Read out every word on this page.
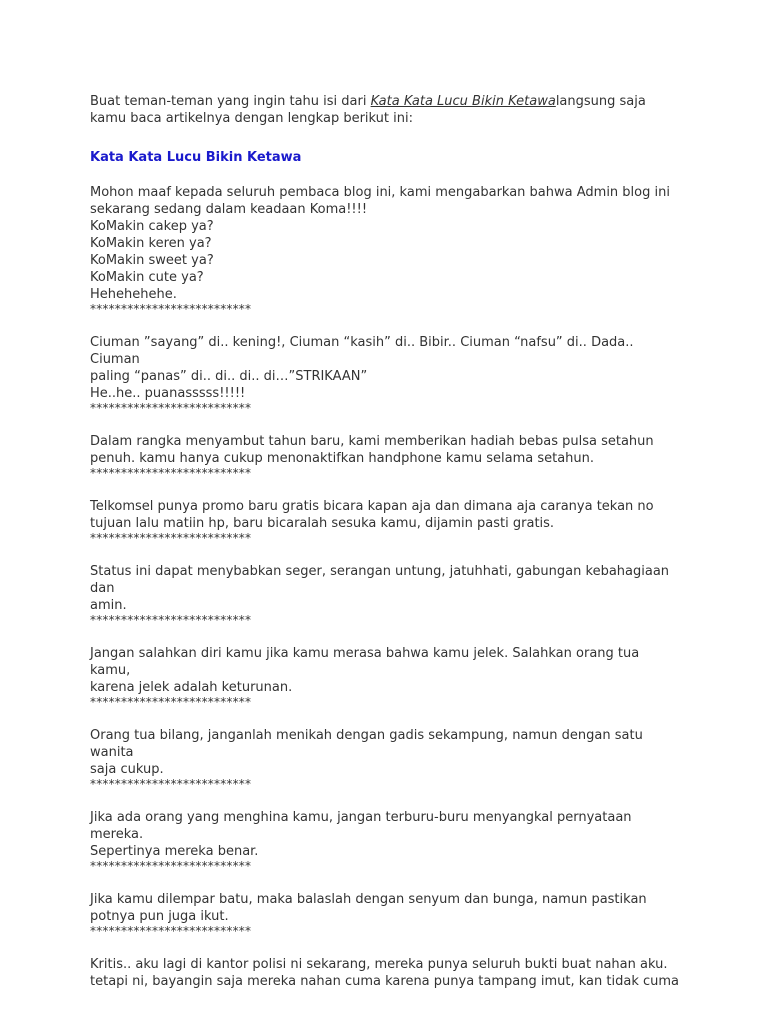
Buat teman-teman yang ingin tahu isi dari Kata Kata Lucu Bikin Ketawalangsung saja kamu baca artikelnya dengan lengkap berikut ini:

Kata Kata Lucu Bikin Ketawa
Mohon maaf kepada seluruh pembaca blog ini, kami mengabarkan bahwa Admin blog ini
sekarang sedang dalam keadaan Koma!!!!
KoMakin cakep ya?
KoMakin keren ya?
KoMakin sweet ya?
KoMakin cute ya?
Hehehehehe.
**************************
Ciuman ”sayang” di.. kening!, Ciuman “kasih” di.. Bibir.. Ciuman “nafsu” di.. Dada.. Ciuman
paling “panas” di.. di.. di.. di…”STRIKAAN”
He..he.. puanasssss!!!!!
**************************
Dalam rangka menyambut tahun baru, kami memberikan hadiah bebas pulsa setahun
penuh. kamu hanya cukup menonaktifkan handphone kamu selama setahun.
**************************
Telkomsel punya promo baru gratis bicara kapan aja dan dimana aja caranya tekan no
tujuan lalu matiin hp, baru bicaralah sesuka kamu, dijamin pasti gratis.
**************************
Status ini dapat menybabkan seger, serangan untung, jatuhhati, gabungan kebahagiaan dan
amin.
**************************
Jangan salahkan diri kamu jika kamu merasa bahwa kamu jelek. Salahkan orang tua kamu,
karena jelek adalah keturunan.
**************************
Orang tua bilang, janganlah menikah dengan gadis sekampung, namun dengan satu wanita
saja cukup.
**************************
Jika ada orang yang menghina kamu, jangan terburu-buru menyangkal pernyataan mereka.
Sepertinya mereka benar.
**************************
Jika kamu dilempar batu, maka balaslah dengan senyum dan bunga, namun pastikan
potnya pun juga ikut.
**************************
Kritis.. aku lagi di kantor polisi ni sekarang, mereka punya seluruh bukti buat nahan aku.
tetapi ni, bayangin saja mereka nahan cuma karena punya tampang imut, kan tidak cuma
